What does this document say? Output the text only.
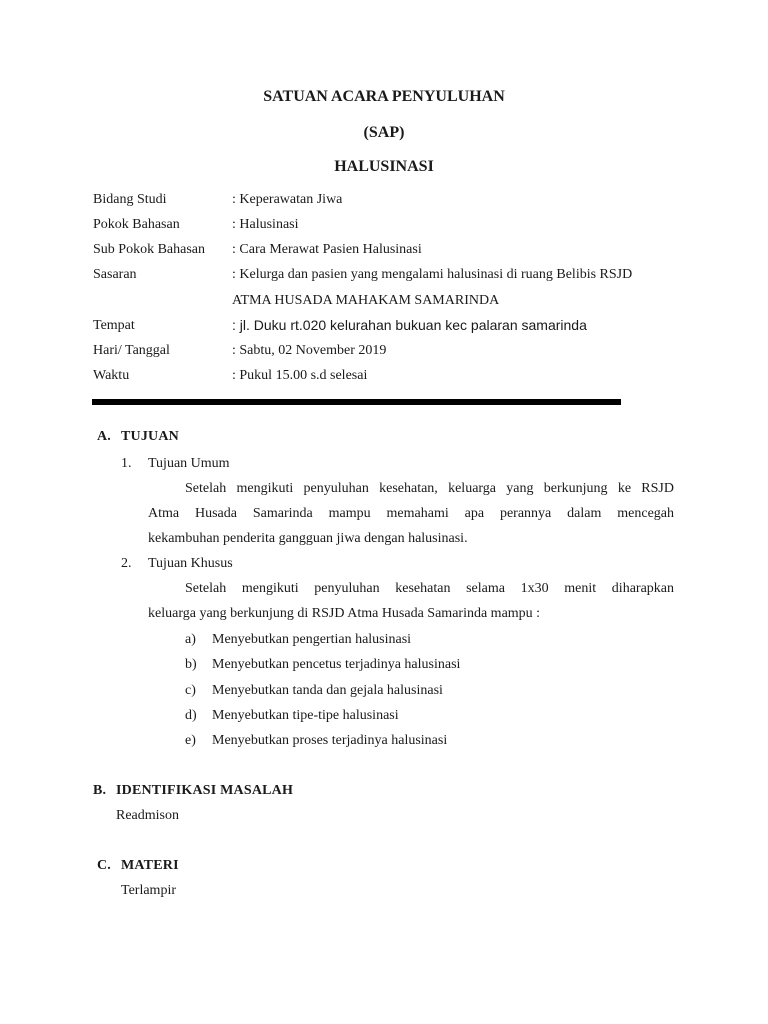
SATUAN ACARA PENYULUHAN
(SAP)
HALUSINASI
Bidang Studi	: Keperawatan Jiwa
Pokok Bahasan	: Halusinasi
Sub Pokok Bahasan : Cara Merawat Pasien Halusinasi
Sasaran	: Kelurga dan pasien yang mengalami halusinasi di ruang Belibis RSJD
ATMA HUSADA MAHAKAM SAMARINDA
Tempat	: jl. Duku rt.020 kelurahan bukuan kec palaran samarinda
Hari/ Tanggal	: Sabtu, 02 November 2019
Waktu	: Pukul 15.00 s.d selesai
A. TUJUAN
1. Tujuan Umum
Setelah mengikuti penyuluhan kesehatan, keluarga yang berkunjung ke RSJD
Atma Husada Samarinda mampu memahami apa perannya dalam mencegah
kekambuhan penderita gangguan jiwa dengan halusinasi.
2. Tujuan Khusus
Setelah mengikuti penyuluhan kesehatan selama 1x30 menit diharapkan
keluarga yang berkunjung di RSJD Atma Husada Samarinda mampu :
a) Menyebutkan pengertian halusinasi
b) Menyebutkan pencetus terjadinya halusinasi
c) Menyebutkan tanda dan gejala halusinasi
d) Menyebutkan tipe-tipe halusinasi
e) Menyebutkan proses terjadinya halusinasi
B. IDENTIFIKASI MASALAH
Readmison
C. MATERI
Terlampir
